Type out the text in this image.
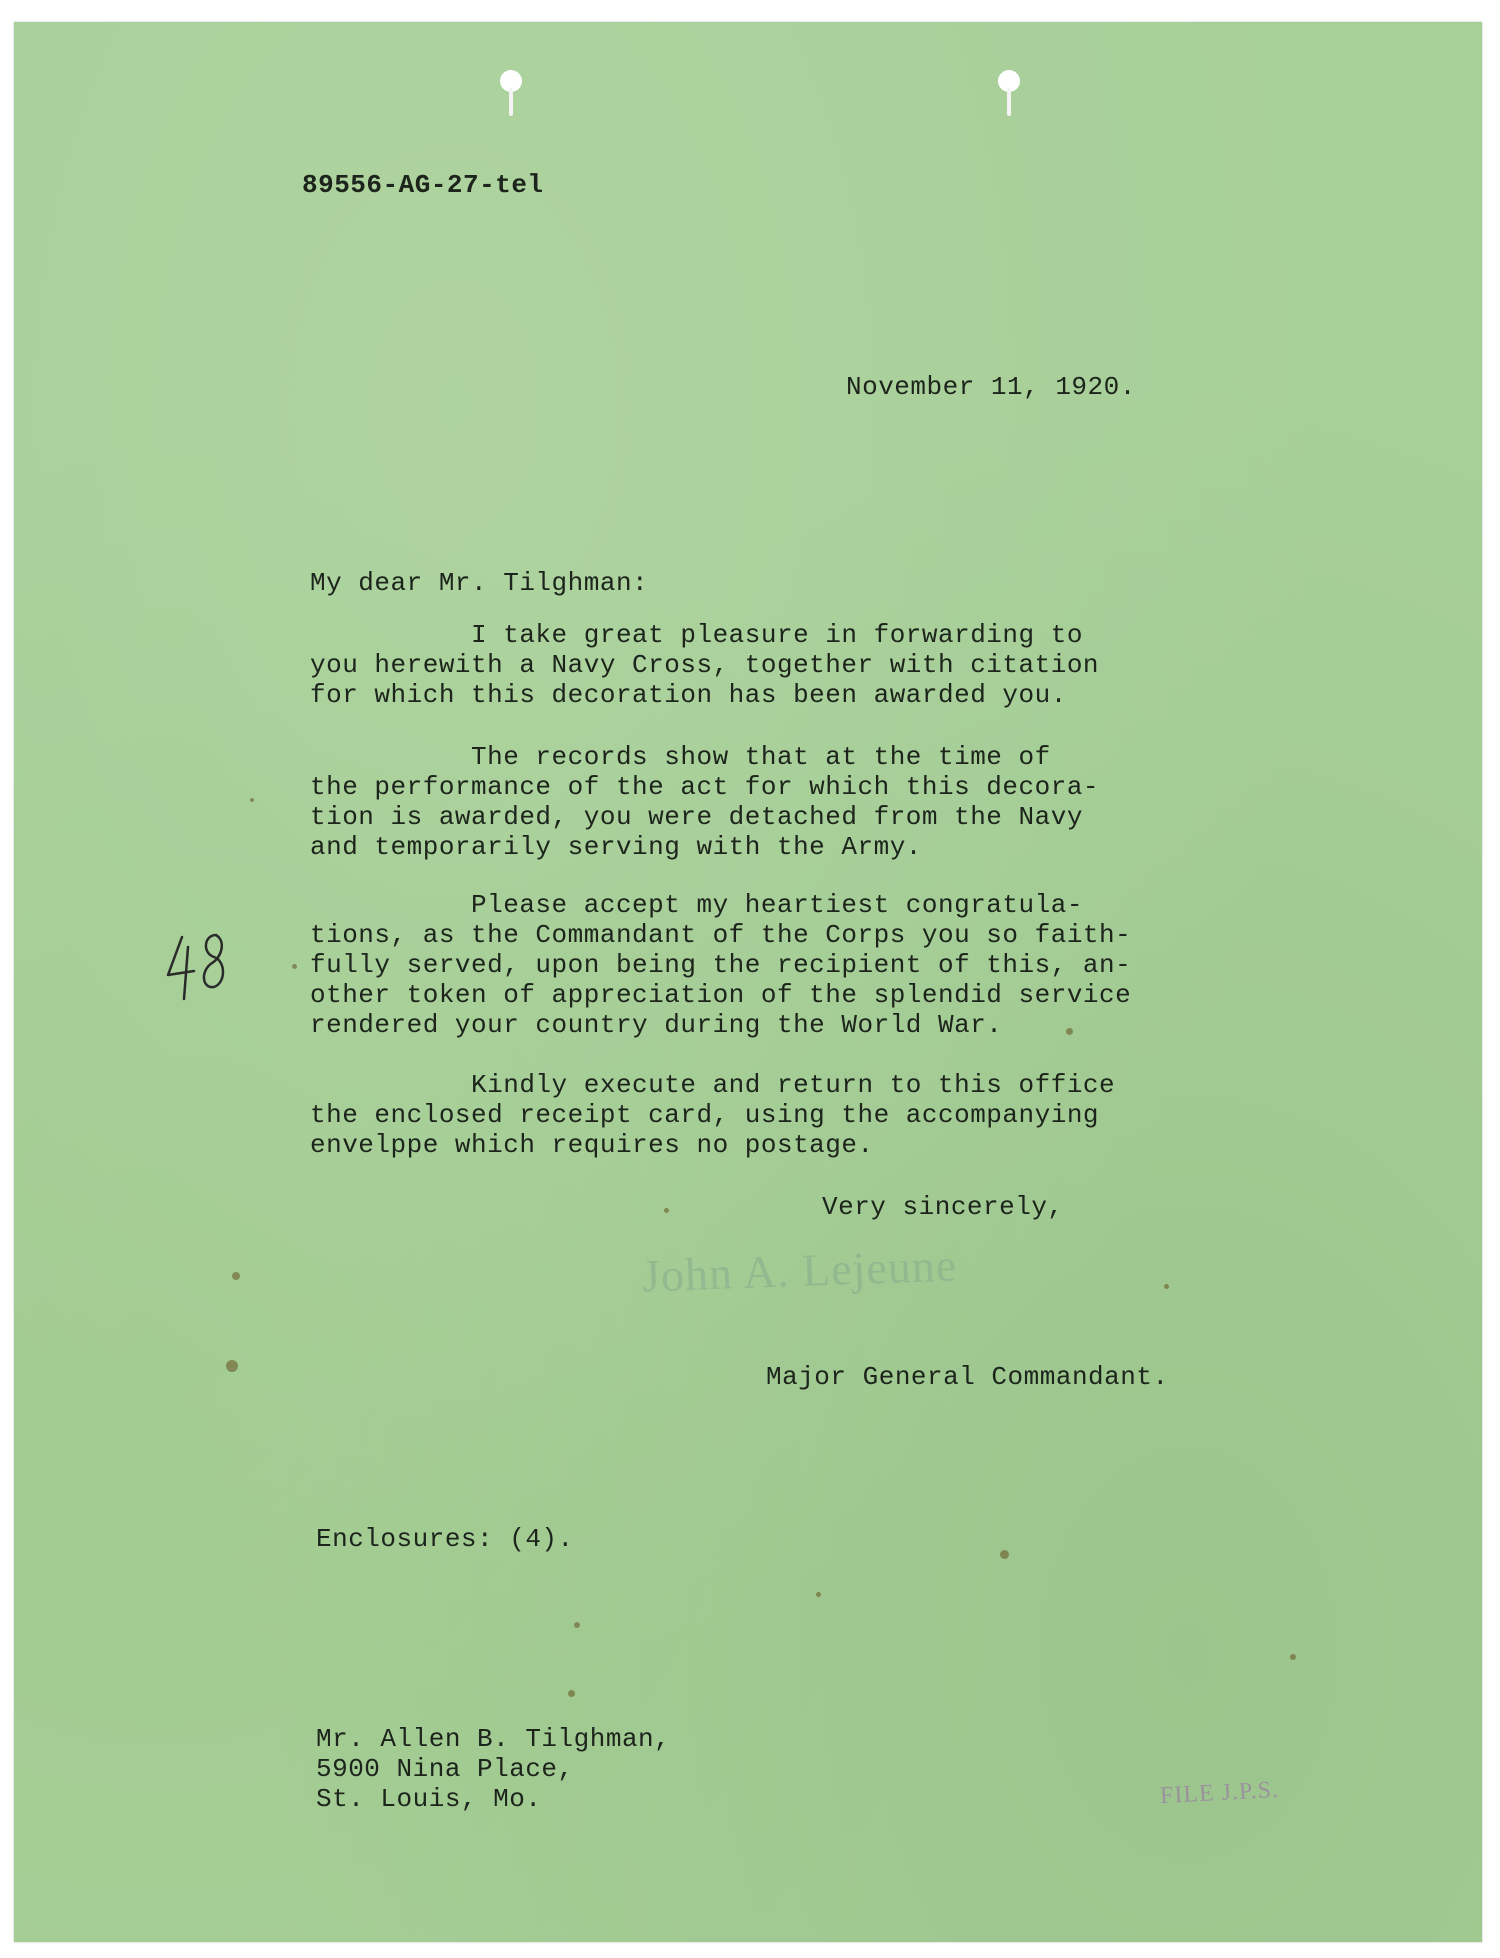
89556-AG-27-tel

November 11, 1920.

My dear Mr. Tilghman:

I take great pleasure in forwarding to
you herewith a Navy Cross, together with citation
for which this decoration has been awarded you.

The records show that at the time of
the performance of the act for which this decora-
tion is awarded, you were detached from the Navy
and temporarily serving with the Army.

Please accept my heartiest congratula-
tions, as the Commandant of the Corps you so faith-
fully served, upon being the recipient of this, an-
other token of appreciation of the splendid service
rendered your country during the World War.

Kindly execute and return to this office
the enclosed receipt card, using the accompanying
envelppe which requires no postage.

Very sincerely,

John A. Lejeune

Major General Commandant.

Enclosures: (4).

Mr. Allen B. Tilghman,

5900 Nina Place,

St. Louis, Mo.	FILE J.P.S.
